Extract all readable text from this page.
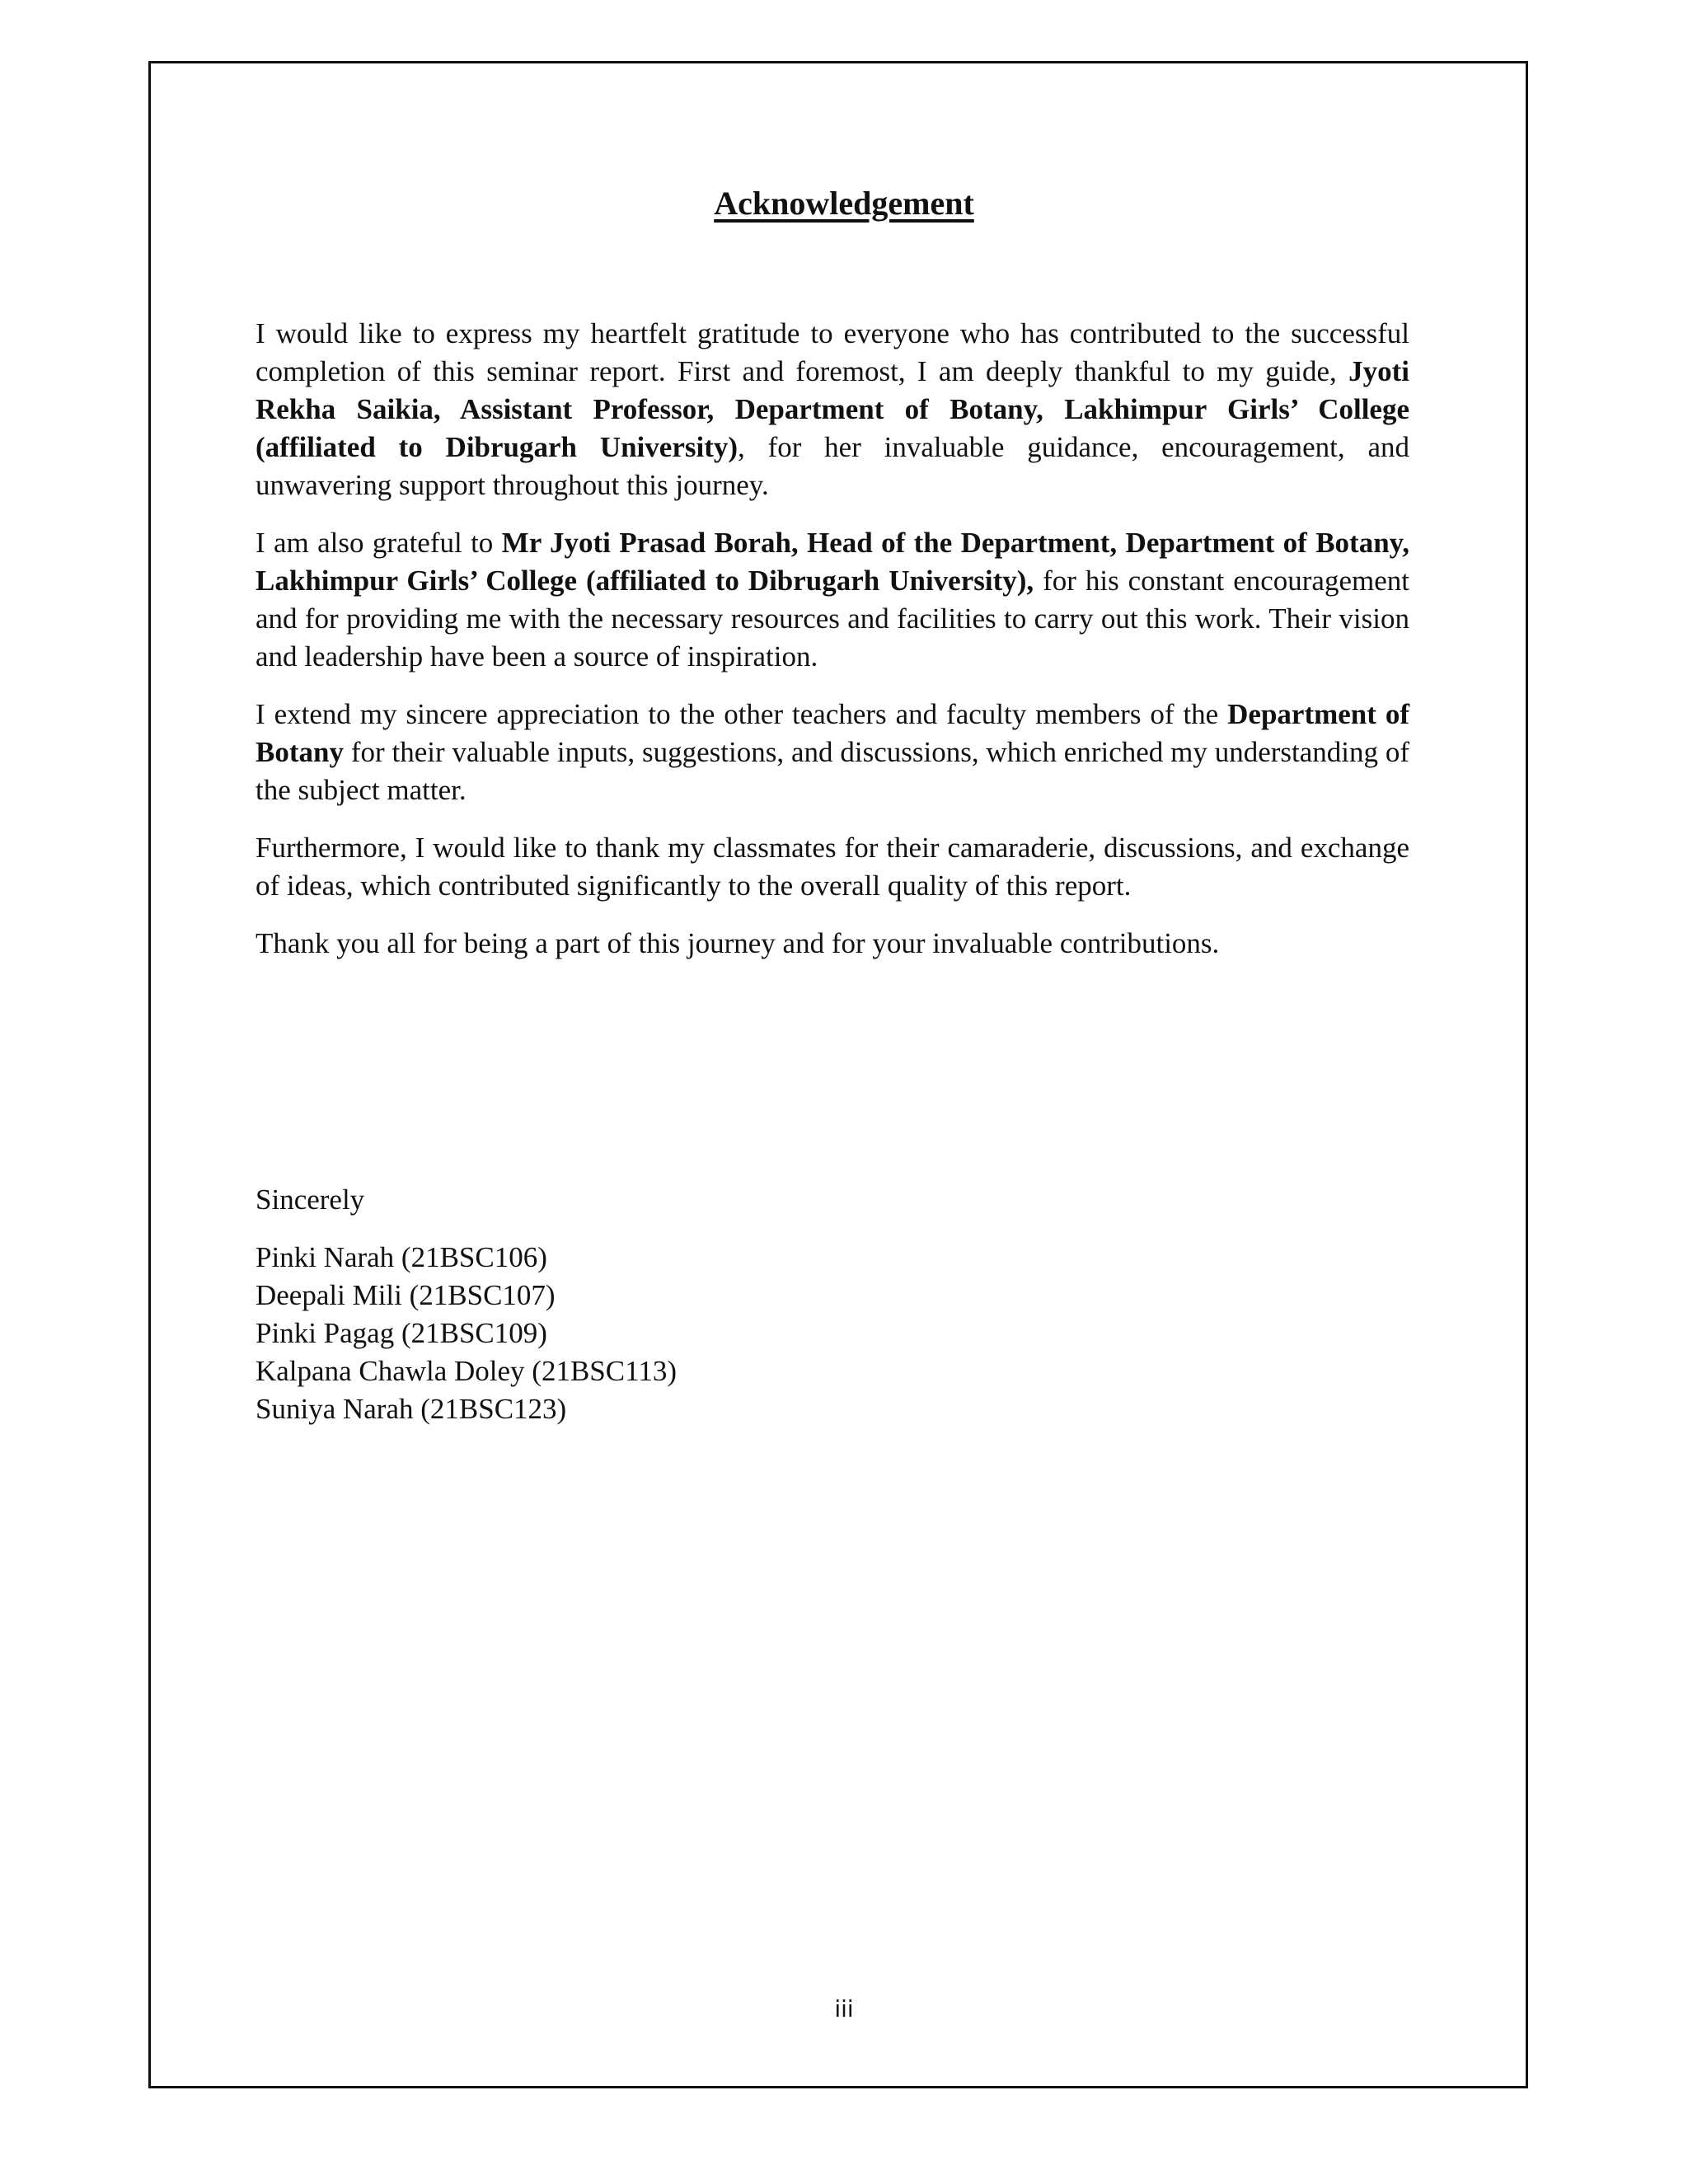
Acknowledgement

I would like to express my heartfelt gratitude to everyone who has contributed to the successful completion of this seminar report. First and foremost, I am deeply thankful to my guide, Jyoti Rekha Saikia, Assistant Professor, Department of Botany, Lakhimpur Girls’ College (affiliated to Dibrugarh University), for her invaluable guidance, encouragement, and unwavering support throughout this journey.

I am also grateful to Mr Jyoti Prasad Borah, Head of the Department, Department of Botany, Lakhimpur Girls’ College (affiliated to Dibrugarh University), for his constant encouragement and for providing me with the necessary resources and facilities to carry out this work. Their vision and leadership have been a source of inspiration.

I extend my sincere appreciation to the other teachers and faculty members of the Department of Botany for their valuable inputs, suggestions, and discussions, which enriched my understanding of the subject matter.

Furthermore, I would like to thank my classmates for their camaraderie, discussions, and exchange of ideas, which contributed significantly to the overall quality of this report.

Thank you all for being a part of this journey and for your invaluable contributions.

Sincerely

Pinki Narah (21BSC106)
Deepali Mili (21BSC107)
Pinki Pagag (21BSC109)
Kalpana Chawla Doley (21BSC113)
Suniya Narah (21BSC123)
iii
